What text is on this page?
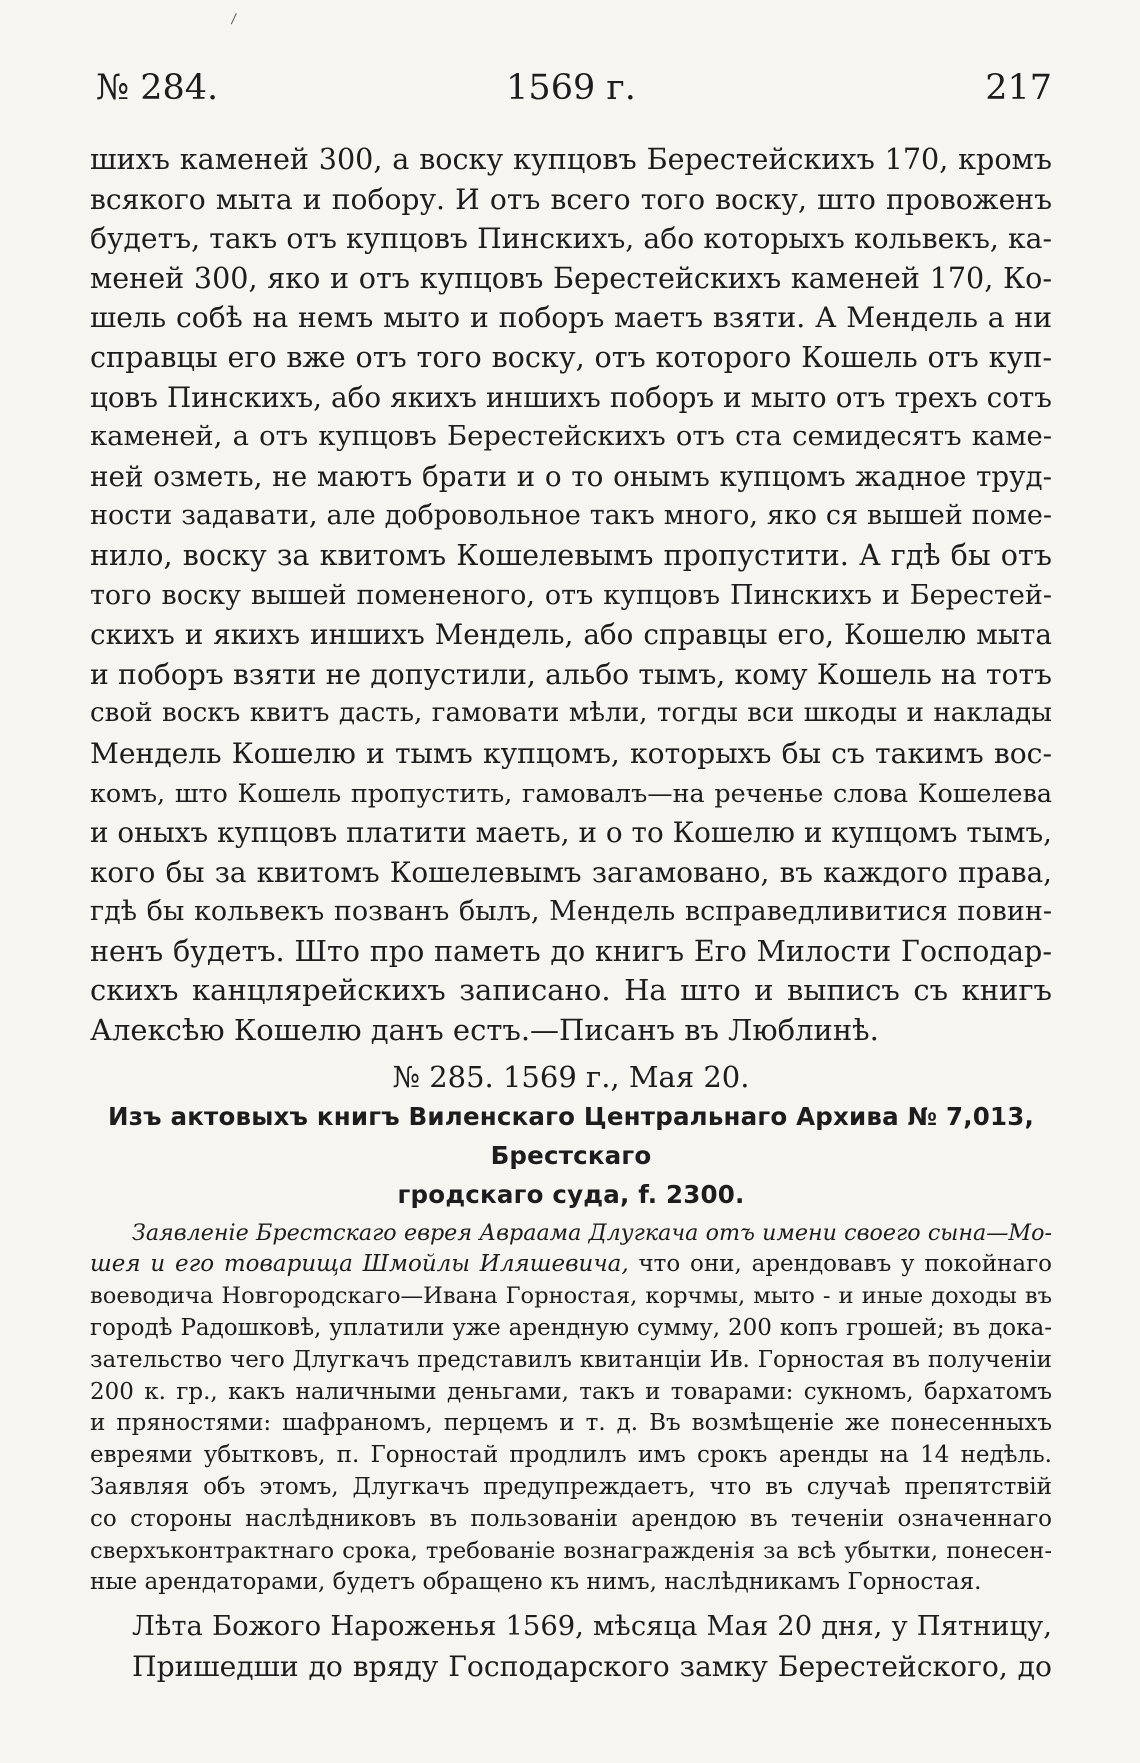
№ 284.	1569 г.	217
шихъ каменей 300, а воску купцовъ Берестейскихъ 170, кромъ
всякого мыта и побору. И отъ всего того воску, што провоженъ
будетъ, такъ отъ купцовъ Пинскихъ, або которыхъ кольвекъ, ка-
меней 300, яко и отъ купцовъ Берестейскихъ каменей 170, Ко-
шель собѣ на немъ мыто и поборъ маетъ взяти. А Мендель а ни
справцы его вже отъ того воску, отъ которого Кошель отъ куп-
цовъ Пинскихъ, або якихъ иншихъ поборъ и мыто отъ трехъ сотъ
каменей, а отъ купцовъ Берестейскихъ отъ ста семидесятъ каме-
ней озметь, не маютъ брати и о то онымъ купцомъ жадное труд-
ности задавати, але добровольное такъ много, яко ся вышей поме-
нило, воску за квитомъ Кошелевымъ пропустити. А гдѣ бы отъ
того воску вышей помененого, отъ купцовъ Пинскихъ и Берестей-
скихъ и якихъ иншихъ Мендель, або справцы его, Кошелю мыта
и поборъ взяти не допустили, альбо тымъ, кому Кошель на тотъ
свой воскъ квитъ дасть, гамовати мѣли, тогды вси шкоды и наклады
Мендель Кошелю и тымъ купцомъ, которыхъ бы съ такимъ вос-
комъ, што Кошель пропустить, гамовалъ—на реченье слова Кошелева
и оныхъ купцовъ платити маеть, и о то Кошелю и купцомъ тымъ,
кого бы за квитомъ Кошелевымъ загамовано, въ каждого права,
гдѣ бы кольвекъ позванъ былъ, Мендель всправедливитися повин-
ненъ будетъ. Што про паметь до книгъ Его Милости Господар-
скихъ канцлярейскихъ записано. На што и выписъ съ книгъ
Алексѣю Кошелю данъ естъ.—Писанъ въ Люблинѣ.
№ 285. 1569 г., Мая 20.
Изъ актовыхъ книгъ Виленскаго Центральнаго Архива № 7,013, Брестскаго
гродскаго суда, f. 2300.
Заявленіе Брестскаго еврея Авраама Длугкача отъ имени своего сына—Мо-
шея и его товарища Шмойлы Иляшевича, что они, арендовавъ у покойнаго
воеводича Новгородскаго—Ивана Горностая, корчмы, мыто - и иные доходы въ
городѣ Радошковѣ, уплатили уже арендную сумму, 200 копъ грошей; въ дока-
зательство чего Длугкачъ представилъ квитанціи Ив. Горностая въ полученіи
200 к. гр., какъ наличными деньгами, такъ и товарами: сукномъ, бархатомъ
и пряностями: шафраномъ, перцемъ и т. д. Въ возмѣщеніе же понесенныхъ
евреями убытковъ, п. Горностай продлилъ имъ срокъ аренды на 14 недѣль.
Заявляя объ этомъ, Длугкачъ предупреждаетъ, что въ случаѣ препятствій
со стороны наслѣдниковъ въ пользованіи арендою въ теченіи означеннаго
сверхъконтрактнаго срока, требованіе вознагражденія за всѣ убытки, понесен-
ные арендаторами, будетъ обращено къ нимъ, наслѣдникамъ Горностая.
Лѣта Божого Нароженья 1569, мѣсяца Мая 20 дня, у Пятницу,
Пришедши до вряду Господарского замку Берестейского, до
